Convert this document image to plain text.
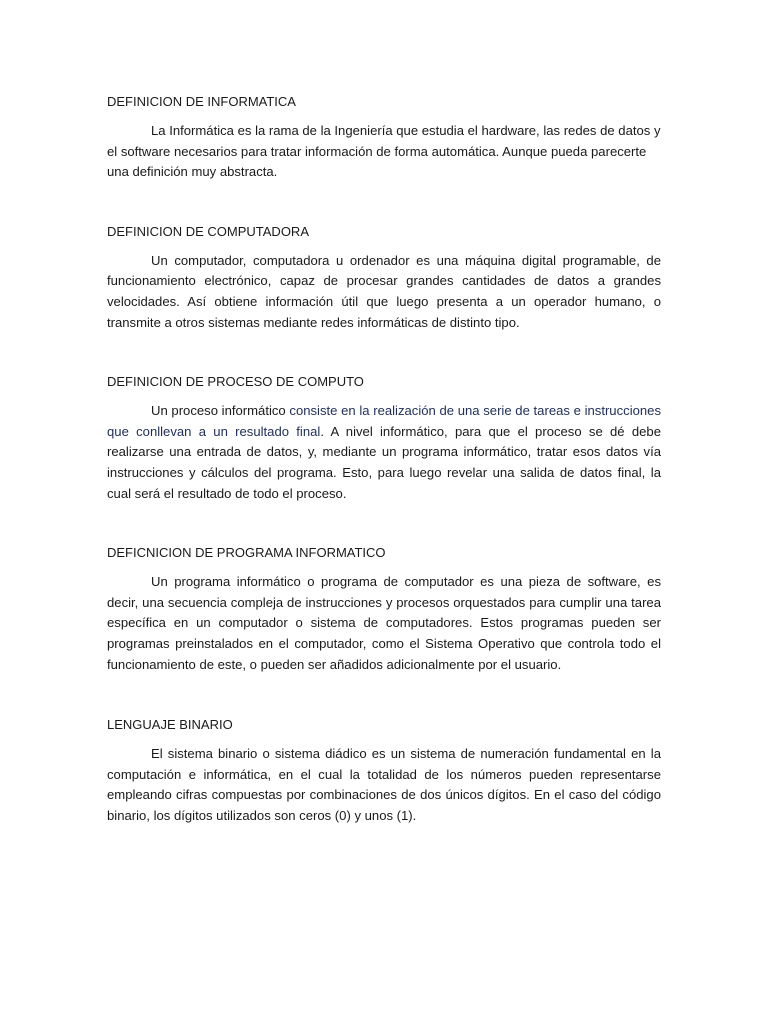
DEFINICION DE INFORMATICA

La Informática es la rama de la Ingeniería que estudia el hardware, las redes de datos y el software necesarios para tratar información de forma automática. Aunque pueda parecerte una definición muy abstracta.

DEFINICION DE COMPUTADORA

Un computador, computadora u ordenador es una máquina digital programable, de funcionamiento electrónico, capaz de procesar grandes cantidades de datos a grandes velocidades. Así obtiene información útil que luego presenta a un operador humano, o transmite a otros sistemas mediante redes informáticas de distinto tipo.

DEFINICION DE PROCESO DE COMPUTO

Un proceso informático consiste en la realización de una serie de tareas e instrucciones que conllevan a un resultado final. A nivel informático, para que el proceso se dé debe realizarse una entrada de datos, y, mediante un programa informático, tratar esos datos vía instrucciones y cálculos del programa. Esto, para luego revelar una salida de datos final, la cual será el resultado de todo el proceso.

DEFICNICION DE PROGRAMA INFORMATICO

Un programa informático o programa de computador es una pieza de software, es decir, una secuencia compleja de instrucciones y procesos orquestados para cumplir una tarea específica en un computador o sistema de computadores. Estos programas pueden ser programas preinstalados en el computador, como el Sistema Operativo que controla todo el funcionamiento de este, o pueden ser añadidos adicionalmente por el usuario.

LENGUAJE BINARIO

El sistema binario o sistema diádico es un sistema de numeración fundamental en la computación e informática, en el cual la totalidad de los números pueden representarse empleando cifras compuestas por combinaciones de dos únicos dígitos. En el caso del código binario, los dígitos utilizados son ceros (0) y unos (1).
